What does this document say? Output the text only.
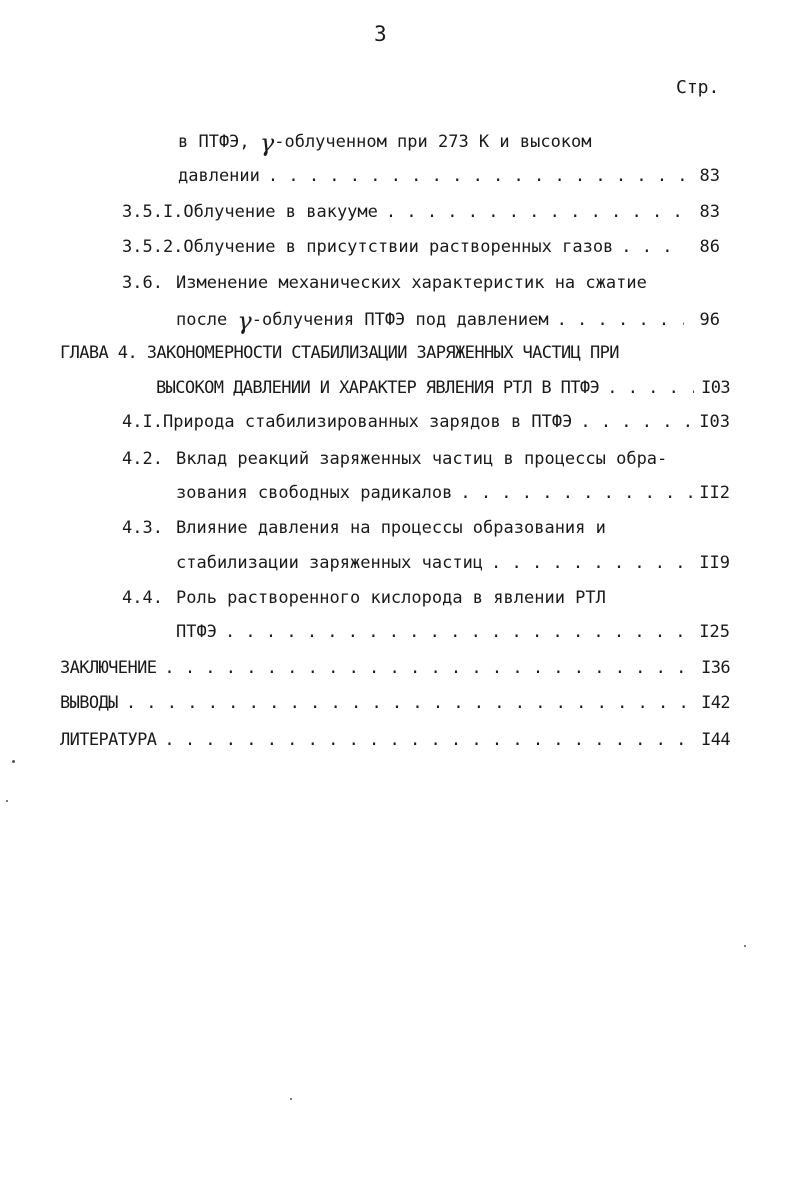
3
Стр.
в ПТФЭ, γ-облученном при 273 К и высоком
давлении . . .	83
3.5.I. Облучение в вакууме . . .	83
3.5.2. Облучение в присутствии растворенных газов . . .	86
3.6. Изменение механических характеристик на сжатие
после γ-облучения ПТФЭ под давлением . . .	96
ГЛАВА 4. ЗАКОНОМЕРНОСТИ СТАБИЛИЗАЦИИ ЗАРЯЖЕННЫХ ЧАСТИЦ ПРИ
ВЫСОКОМ ДАВЛЕНИИ И ХАРАКТЕР ЯВЛЕНИЯ РТЛ В ПТФЭ . . .	I03
4.I. Природа стабилизированных зарядов в ПТФЭ . . .	I03
4.2. Вклад реакций заряженных частиц в процессы обра-
зования свободных радикалов . . .	II2
4.3. Влияние давления на процессы образования и
стабилизации заряженных частиц . . .	II9
4.4. Роль растворенного кислорода в явлении РТЛ
ПТФЭ . . .	I25
ЗАКЛЮЧЕНИЕ . . .	I36
ВЫВОДЫ . . .	I42
ЛИТЕРАТУРА . . .	I44
